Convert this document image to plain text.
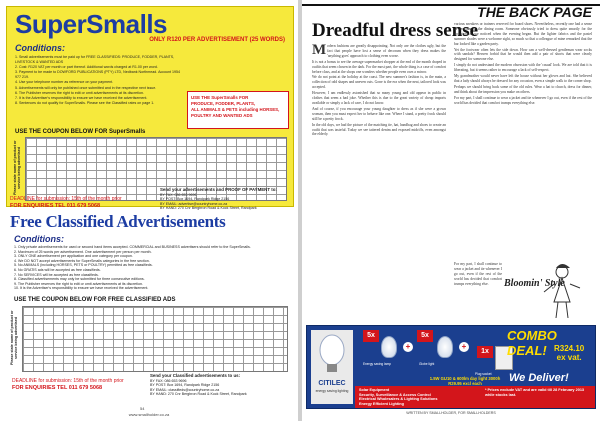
SuperSmalls
ONLY R120 PER ADVERTISEMENT (25 WORDS)
Conditions:
1. Small advertisements must be paid up for FREE CLASSIFIEDS: PRODUCE, FODDER, PLANTS, LIVESTOCK & WANTED ADS
2. Cost: R120 VAT per month or part thereof. Additional words charged at R1.00 per word.
3. Payment to be made to DOWFORD PUBLICATIONS (PTY) LTD, Nedbank Northmead. Account 1954 977 219.
4. Use your telephone number as reference on your payment.
5. Advertisements will only be published once submitted and in the respective next issue.
6. The Publisher reserves the right to edit or omit advertisements at its discretion.
7. It is the Advertiser's responsibility to ensure we have received the advertisement.
8. Sentences do not qualify for SuperSmalls. Please see the Classified rates on page 1.
USE THE SuperSmalls FOR
PRODUCE, FODDER, PLANTS,
ALL ANIMALS & PETS including HORSES,
POULTRY AND WANTED ADS
USE THE COUPON BELOW FOR SuperSmalls
Please state name of product or service being advertised
DEADLINE for submission: 15th of the month prior
FOR ENQUIRIES TEL 011 679 5068
Send your advertisements and PROOF OF PAYMENT to:
BY FAX: 086 653 9696
BY POST: Box 1694, Randpark Ridge 2156
BY EMAIL: advertise@countryhome.co.za
BY HAND: 270 Cnr Bergbron Road & Kock Street, Randpark
Free Classified Advertisements
Conditions:
1. Only private advertisements for used or second hand items accepted. COMMERCIAL and BUSINESS advertisers should refer to the SuperSmalls.
2. Maximum of 25 words per advertisement. One advertisement per person per month.
3. ONLY ONE advertisement per application and one category per coupon.
4. We DO NOT accept advertisements for SuperSmalls categories in the free section.
5. No ANIMALS (including HORSES, PETS or POULTRY) permitted as free classifieds.
6. No GRATIS ads will be accepted as free classifieds.
7. No SERVICES will be accepted as free classifieds.
8. Classified advertisements may only be submitted for three consecutive editions.
9. The Publisher reserves the right to edit or omit advertisements at its discretion.
10. It is the Advertiser's responsibility to ensure we have received the advertisement.
USE THE COUPON BELOW FOR FREE CLASSIFIED ADS
Please state name of product or service being advertised
DEADLINE for submission: 15th of the month prior
FOR ENQUIRIES TEL 011 679 5068
Send your Classified advertisements to us:
BY FAX: 086 653 9696
BY POST: Box 1694, Randpark Ridge 2156
BY EMAIL: classifieds@countryhome.co.za
BY HAND: 270 Cnr Bergbron Road & Kock Street, Randpark
54
www.smallholder.co.za
THE BACK PAGE
Dreadful dress sense

Modern fashions are greatly disappointing. Not only are the clothes ugly, but the fact that people have lost a sense of decorum when they dress makes the 'anything goes' approach to clothing even worse.

It is not a bonus to see the average supermarket shopper at the end of the month draped in outfits that seem chosen in the dark. For the most part, the whole thing is a case of comfort before class, and at the shops one wonders whether people even own a mirror.

We do not point at the holiday at the coast. The new summer's fashion is, in the main, a collection of odd shapes and uneven cuts. Gone is the era when the neat, tailored look was accepted.

However, I am endlessly astonished that so many young and old appear in public in clothes that seem a bad joke. Whether this is due to the great variety of cheap imports available or simply a lack of care, I do not know.

And of course, if you encourage your young daughter to dress as if she were a grown woman, then you must expect her to behave like one. Where I stand, a pretty frock should still be a pretty frock.

In the old days, we had the picture of the matching tie, hat, handbag and shoes to create an outfit that was tasteful. Today we see tattered denim and exposed midriffs, even amongst the elderly.

various sneakers or trainers reserved for board shoes. Nevertheless, recently one had a sense of decorum in the dining room. Someone obviously tried to dress quite smartly for the occasion, as we noticed when the evening began. But the lighter fabrics and the pastel summer shades were a welcome sight, so much so that a colleague of mine remarked that the bar looked like a garden party.

Yet the footwear often lets the side down. How can a well-dressed gentleman wear socks with sandals? Heaven forbid that he would then add a pair of shorts that were clearly designed for someone else.

I simply do not understand the modern obsession with the 'casual' look. We are told that it is liberating, but it seems rather to encourage a lack of self-respect.

My grandmother would never have left the house without her gloves and hat. She believed that a lady should always be dressed for any occasion, even a simple walk to the corner shop.

Perhaps we should bring back some of the old rules. Wear a hat to church, dress for dinner, and think about the impression you make on others.

For my part, I shall continue to wear a jacket and tie whenever I go out, even if the rest of the world has decided that comfort trumps everything else.

For my part, I shall continue to wear a jacket and tie whenever I go out, even if the rest of the world has decided that comfort trumps everything else.	Bloomin' Style
CITILEC
energy saving lighting
5x
+
5x
+
1x
Energy saving lamp	Globe light
Plug socket
COMBO DEAL! R324.10
ex vat.
1.5W GU10 & 600lm day light 3000h
R29.95 excl each	We Deliver!
Solar Equipment
Security, Surveillance & Access Control
Electrical Wholesalers & Lighting Solutions
Energy Efficient Lighting
* Prices exclude VAT and are valid till 28 February 2013 while stocks last.
WRITTEN BY SMALLHOLDER, FOR SMALLHOLDERS
